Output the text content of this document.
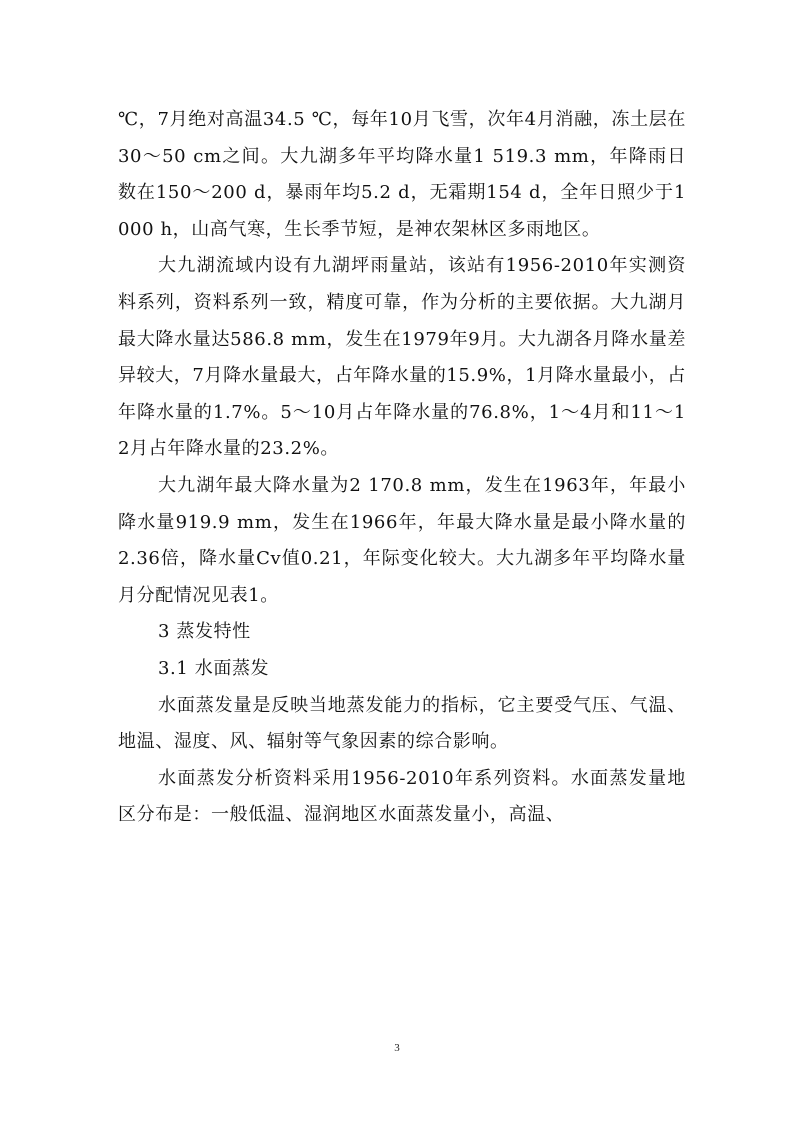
℃，7月绝对高温34.5 ℃，每年10月飞雪，次年4月消融，冻土层在30～50 cm之间。大九湖多年平均降水量1 519.3 mm，年降雨日数在150～200 d，暴雨年均5.2 d，无霜期154 d，全年日照少于1 000 h，山高气寒，生长季节短，是神农架林区多雨地区。

大九湖流域内设有九湖坪雨量站，该站有1956-2010年实测资料系列，资料系列一致，精度可靠，作为分析的主要依据。大九湖月最大降水量达586.8 mm，发生在1979年9月。大九湖各月降水量差异较大，7月降水量最大，占年降水量的15.9%，1月降水量最小，占年降水量的1.7%。5～10月占年降水量的76.8%，1～4月和11～12月占年降水量的23.2%。

大九湖年最大降水量为2 170.8 mm，发生在1963年，年最小降水量919.9 mm，发生在1966年，年最大降水量是最小降水量的2.36倍，降水量Cv值0.21，年际变化较大。大九湖多年平均降水量月分配情况见表1。

3 蒸发特性

3.1 水面蒸发

水面蒸发量是反映当地蒸发能力的指标，它主要受气压、气温、地温、湿度、风、辐射等气象因素的综合影响。

水面蒸发分析资料采用1956-2010年系列资料。水面蒸发量地区分布是：一般低温、湿润地区水面蒸发量小，高温、

3
